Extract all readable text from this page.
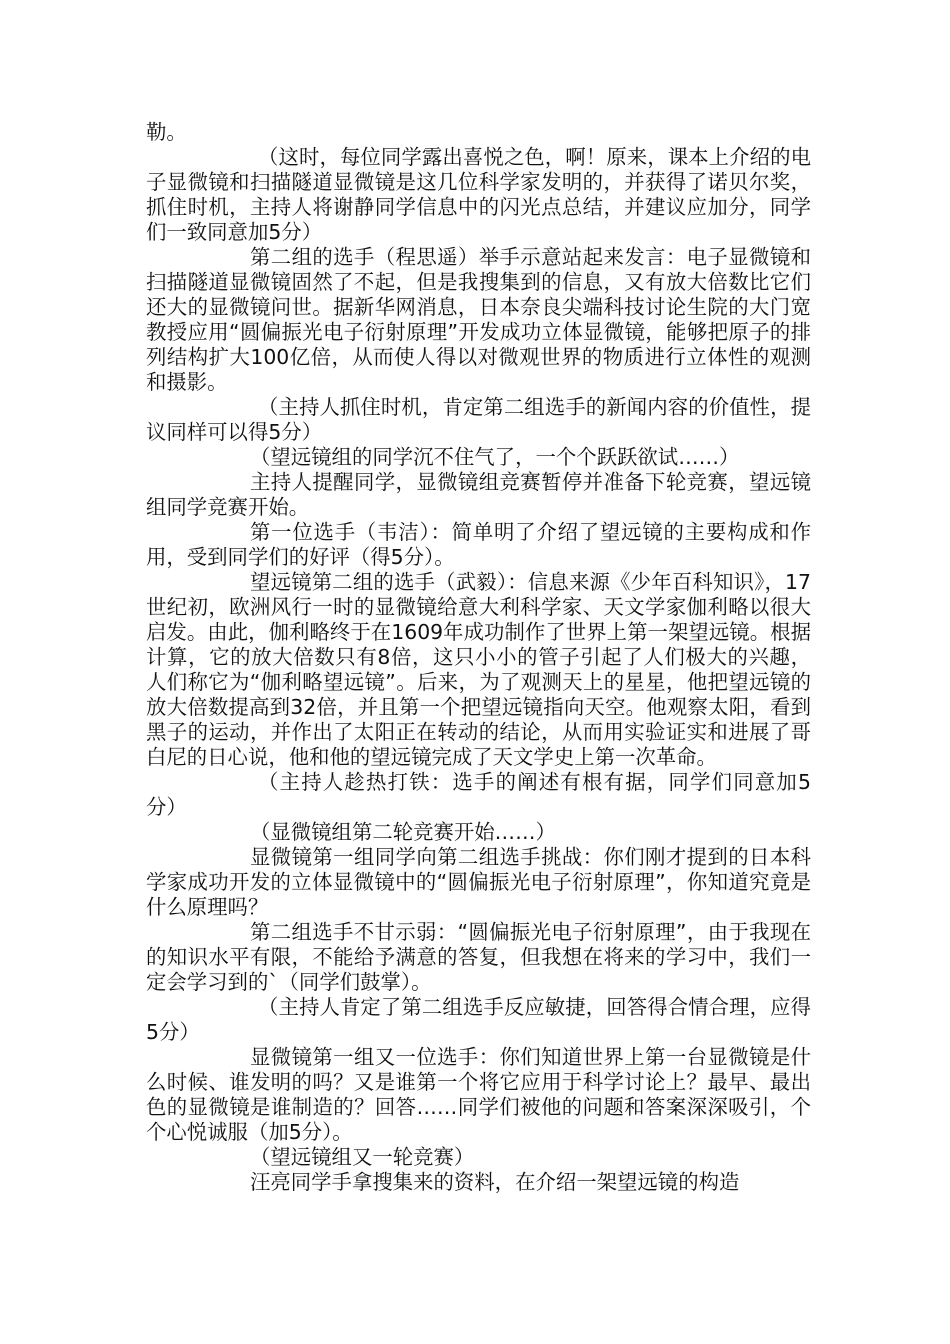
勒。

（这时，每位同学露出喜悦之色，啊！原来，课本上介绍的电子显微镜和扫描隧道显微镜是这几位科学家发明的，并获得了诺贝尔奖，抓住时机，主持人将谢静同学信息中的闪光点总结，并建议应加分，同学们一致同意加5分）

第二组的选手（程思遥）举手示意站起来发言：电子显微镜和扫描隧道显微镜固然了不起，但是我搜集到的信息，又有放大倍数比它们还大的显微镜问世。据新华网消息，日本奈良尖端科技讨论生院的大门宽教授应用“圆偏振光电子衍射原理”开发成功立体显微镜，能够把原子的排列结构扩大100亿倍，从而使人得以对微观世界的物质进行立体性的观测和摄影。

（主持人抓住时机，肯定第二组选手的新闻内容的价值性，提议同样可以得5分）

（望远镜组的同学沉不住气了，一个个跃跃欲试……）

主持人提醒同学，显微镜组竞赛暂停并准备下轮竞赛，望远镜组同学竞赛开始。

第一位选手（韦洁）：简单明了介绍了望远镜的主要构成和作用，受到同学们的好评（得5分）。

望远镜第二组的选手（武毅）：信息来源《少年百科知识》，17世纪初，欧洲风行一时的显微镜给意大利科学家、天文学家伽利略以很大启发。由此，伽利略终于在1609年成功制作了世界上第一架望远镜。根据计算，它的放大倍数只有8倍，这只小小的管子引起了人们极大的兴趣，人们称它为“伽利略望远镜”。后来，为了观测天上的星星，他把望远镜的放大倍数提高到32倍，并且第一个把望远镜指向天空。他观察太阳，看到黑子的运动，并作出了太阳正在转动的结论，从而用实验证实和进展了哥白尼的日心说，他和他的望远镜完成了天文学史上第一次革命。

（主持人趁热打铁：选手的阐述有根有据，同学们同意加5分）

（显微镜组第二轮竞赛开始……）

显微镜第一组同学向第二组选手挑战：你们刚才提到的日本科学家成功开发的立体显微镜中的“圆偏振光电子衍射原理”，你知道究竟是什么原理吗？

第二组选手不甘示弱：“圆偏振光电子衍射原理”，由于我现在的知识水平有限，不能给予满意的答复，但我想在将来的学习中，我们一定会学习到的`（同学们鼓掌）。

（主持人肯定了第二组选手反应敏捷，回答得合情合理，应得5分）

显微镜第一组又一位选手：你们知道世界上第一台显微镜是什么时候、谁发明的吗？又是谁第一个将它应用于科学讨论上？最早、最出色的显微镜是谁制造的？回答……同学们被他的问题和答案深深吸引，个个心悦诚服（加5分）。

（望远镜组又一轮竞赛）

汪亮同学手拿搜集来的资料，在介绍一架望远镜的构造
